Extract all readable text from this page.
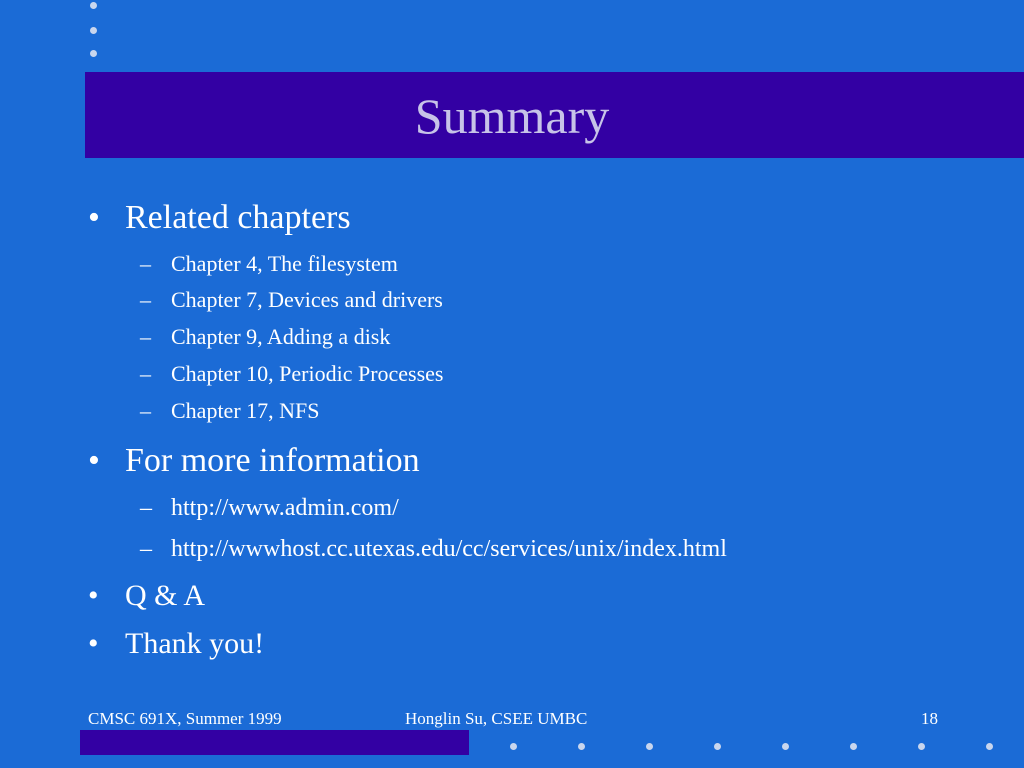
Summary
• Related chapters
– Chapter 4, The filesystem
– Chapter 7, Devices and drivers
– Chapter 9, Adding a disk
– Chapter 10, Periodic Processes
– Chapter 17, NFS
• For more information
– http://www.admin.com/
– http://wwwhost.cc.utexas.edu/cc/services/unix/index.html
• Q & A
• Thank you!
CMSC 691X, Summer 1999	Honglin Su, CSEE UMBC	18
